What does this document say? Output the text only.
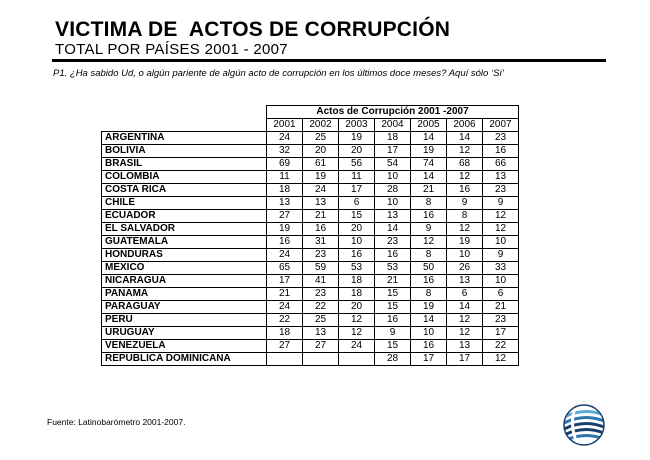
VICTIMA DE  ACTOS DE CORRUPCIÓN
TOTAL POR PAÍSES 2001 - 2007

P1. ¿Ha sabido Ud, o algún pariente de algún acto de corrupción en los últimos doce meses? Aquí sólo ‘Sí’

	Actos de Corrupción 2001 -2007						
	2001	2002	2003	2004	2005	2006	2007
ARGENTINA	24	25	19	18	14	14	23
BOLIVIA	32	20	20	17	19	12	16
BRASIL	69	61	56	54	74	68	66
COLOMBIA	11	19	11	10	14	12	13
COSTA RICA	18	24	17	28	21	16	23
CHILE	13	13	6	10	8	9	9
ECUADOR	27	21	15	13	16	8	12
EL SALVADOR	19	16	20	14	9	12	12
GUATEMALA	16	31	10	23	12	19	10
HONDURAS	24	23	16	16	8	10	9
MÉXICO	65	59	53	53	50	26	33
NICARAGUA	17	41	18	21	16	13	10
PANAMA	21	23	18	15	8	6	6
PARAGUAY	24	22	20	15	19	14	21
PERU	22	25	12	16	14	12	23
URUGUAY	18	13	12	9	10	12	17
VENEZUELA	27	27	24	15	16	13	22
REPUBLICA DOMINICANA				28	17	17	12

Fuente: Latinobarómetro 2001-2007.
